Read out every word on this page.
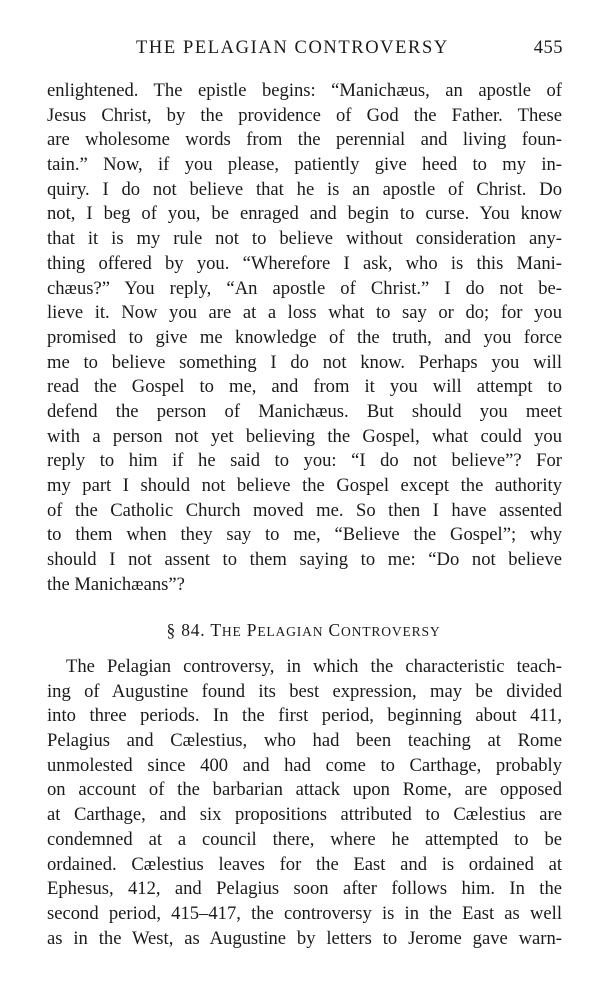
THE PELAGIAN CONTROVERSY	455
enlightened. The epistle begins: “Manichæus, an apostle of
Jesus Christ, by the providence of God the Father. These
are wholesome words from the perennial and living foun-
tain.” Now, if you please, patiently give heed to my in-
quiry. I do not believe that he is an apostle of Christ. Do
not, I beg of you, be enraged and begin to curse. You know
that it is my rule not to believe without consideration any-
thing offered by you. “Wherefore I ask, who is this Mani-
chæus?” You reply, “An apostle of Christ.” I do not be-
lieve it. Now you are at a loss what to say or do; for you
promised to give me knowledge of the truth, and you force
me to believe something I do not know. Perhaps you will
read the Gospel to me, and from it you will attempt to
defend the person of Manichæus. But should you meet
with a person not yet believing the Gospel, what could you
reply to him if he said to you: “I do not believe”? For
my part I should not believe the Gospel except the authority
of the Catholic Church moved me. So then I have assented
to them when they say to me, “Believe the Gospel”; why
should I not assent to them saying to me: “Do not believe
the Manichæans”?
§ 84. THE PELAGIAN CONTROVERSY
The Pelagian controversy, in which the characteristic teach-
ing of Augustine found its best expression, may be divided
into three periods. In the first period, beginning about 411,
Pelagius and Cælestius, who had been teaching at Rome
unmolested since 400 and had come to Carthage, probably
on account of the barbarian attack upon Rome, are opposed
at Carthage, and six propositions attributed to Cælestius are
condemned at a council there, where he attempted to be
ordained. Cælestius leaves for the East and is ordained at
Ephesus, 412, and Pelagius soon after follows him. In the
second period, 415–417, the controversy is in the East as well
as in the West, as Augustine by letters to Jerome gave warn-
